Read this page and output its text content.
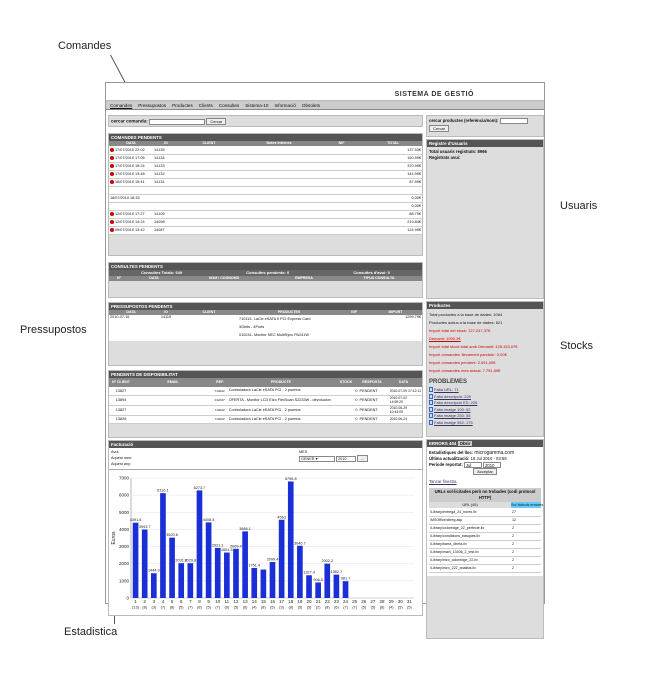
Comandes
Usuaris
Pressupostos
Stocks
Estadistica
SISTEMA DE GESTIÓ
Comandes Pressupostos Productes Clients Consultes Sistema-10 Informació Obsolets
cercar comanda:	Cercar
COMANDES PENDENTS
DATA	ID	CLIENT	Notes internes	NIF	TOTAL
17/07/2010 22:02	14135				137.53€
17/07/2010 17:05	14134				150.59€
17/07/2010 15:24	14133				370.99€
17/07/2010 13:48	14132				144.99€
16/07/2010 19:41	14131				87.59€

16/07/2010 18:33					0.00€
					0.00€
12/07/2010 17:27	14105				88.79€
12/07/2010 14:24	14098				219.84€
09/07/2010 13:42	14087				124.99€
CONSULTES PENDENTS
Consultes Totals: 649	Consultes pendents: 0	Consultes d'avui: 0
Nº	DATA	NOM I COGNOMS	EMPRESA	TIPUS CONSULTA
PRESSUPOSTOS PENDENTS
DATA	ID	CLIENT	PRODUCTES	NIF	IMPORT
2010-07-16	14119	710113- LaCie eSATA II PCI Express Card
3Gbits - 4Ports
010241- Monitor NEC MultiSync PA241W
1299.79€
PENDENTS DE DISPONIBILITAT
Nº CLIENT	EMAIL	REF.	PRODUCTE	STOCK	RESPOSTA	DATA
13827		710022	Controladora LaCie eSATA PCI - 2 puertos	0	PENDENT	2010-07-09 17:12:11
13894		012047	OFERTA - Monitor LCD Eizo FlexScan S2233W - devolución	0	PENDENT	2010-07-02 14:59:20
13827		710022	Controladora LaCie eSATA PCI - 2 puertos	0	PENDENT	2010-06-29 10:44:09
13826		710022	Controladora LaCie eSATA PCI - 2 puertos	0	PENDENT	2010-06-24
Facturació
Avui:
Aquest mes:
Aquest any:
MES
GENER ▾	2010	...
0
1000
2000
3000
4000
5000
6000
7000
Euros
4391.6
1
(13)
3993.7
2
(8)
1444.9
3
(3)
6116.1
4
(7)
3520.6
5
(8)
2031.8
6
(5)
2029.8
7
(7)
6273.7
8
(8)
4408.4
9
(5)
2921.1
10
(7)
2651.5
11
(6)
2869.4
12
(5)
3886.1
13
(6)
1751.4
14
(4)
15
(8)
2099.4
16
(5)
4563
17
(3)
6796.8
18
(8)
3046.7
19
(5)
1327.4
20
(5)
906.5
21
(2)
2002.2
22
(8)
1362.7
23
(6)
981.7
24
(7)
25
(7)
26
(5)
27
(5)
28
(8)
29
(4)
30
(5)
31
(5)
cercar productes (referència/nom):
Cercar
Registre d'Usuaris
Total usuaris registrats: 8966
Registrats avui:
Productes
Total productes a la base de dades: 1064
Productes actius a la base de dades: 621
Import total del stock: 127.247,37€
Demanit: 1000.3€
Import total stock total amb Demanit: 128.153,07€
Import comandes 'lievament parcials': 0,00€
Import comandes pendent: 2.591,00€
Import comandes mes actual: 7.791,59€
PROBLEMES
Falta URL: 71
Falta descripció: 225
Falta descripció ES: 226
Falta imatge 100: 52
Falta imatge 250: 55
Falta imatge 552: 175
ERRORS 404 Obrir
Estadístiques del lloc: microgamma.com
Última actualització: 18 Jul 2010 - 03:59
Període reportat: Jul	2010
Acceptar
Tancar finestra
URLs sol·licitades però no trobades (codi protocol HTTP)
URL (45)	Sol·licituds errònes
/Library/entrega_24_hores.llx	27
/MSOffice/cltreg.asp	12
/Library/coloredge_22_perfecte.llx	2
/Library/condicions_basques.llx	2
/Library/barra_direta.llx	2
/Library/maxi_13406_2_test.llx	2
/Library/eizo_coloredge_22.llx	2
/Library/eizo_222_analisis.llx	2
